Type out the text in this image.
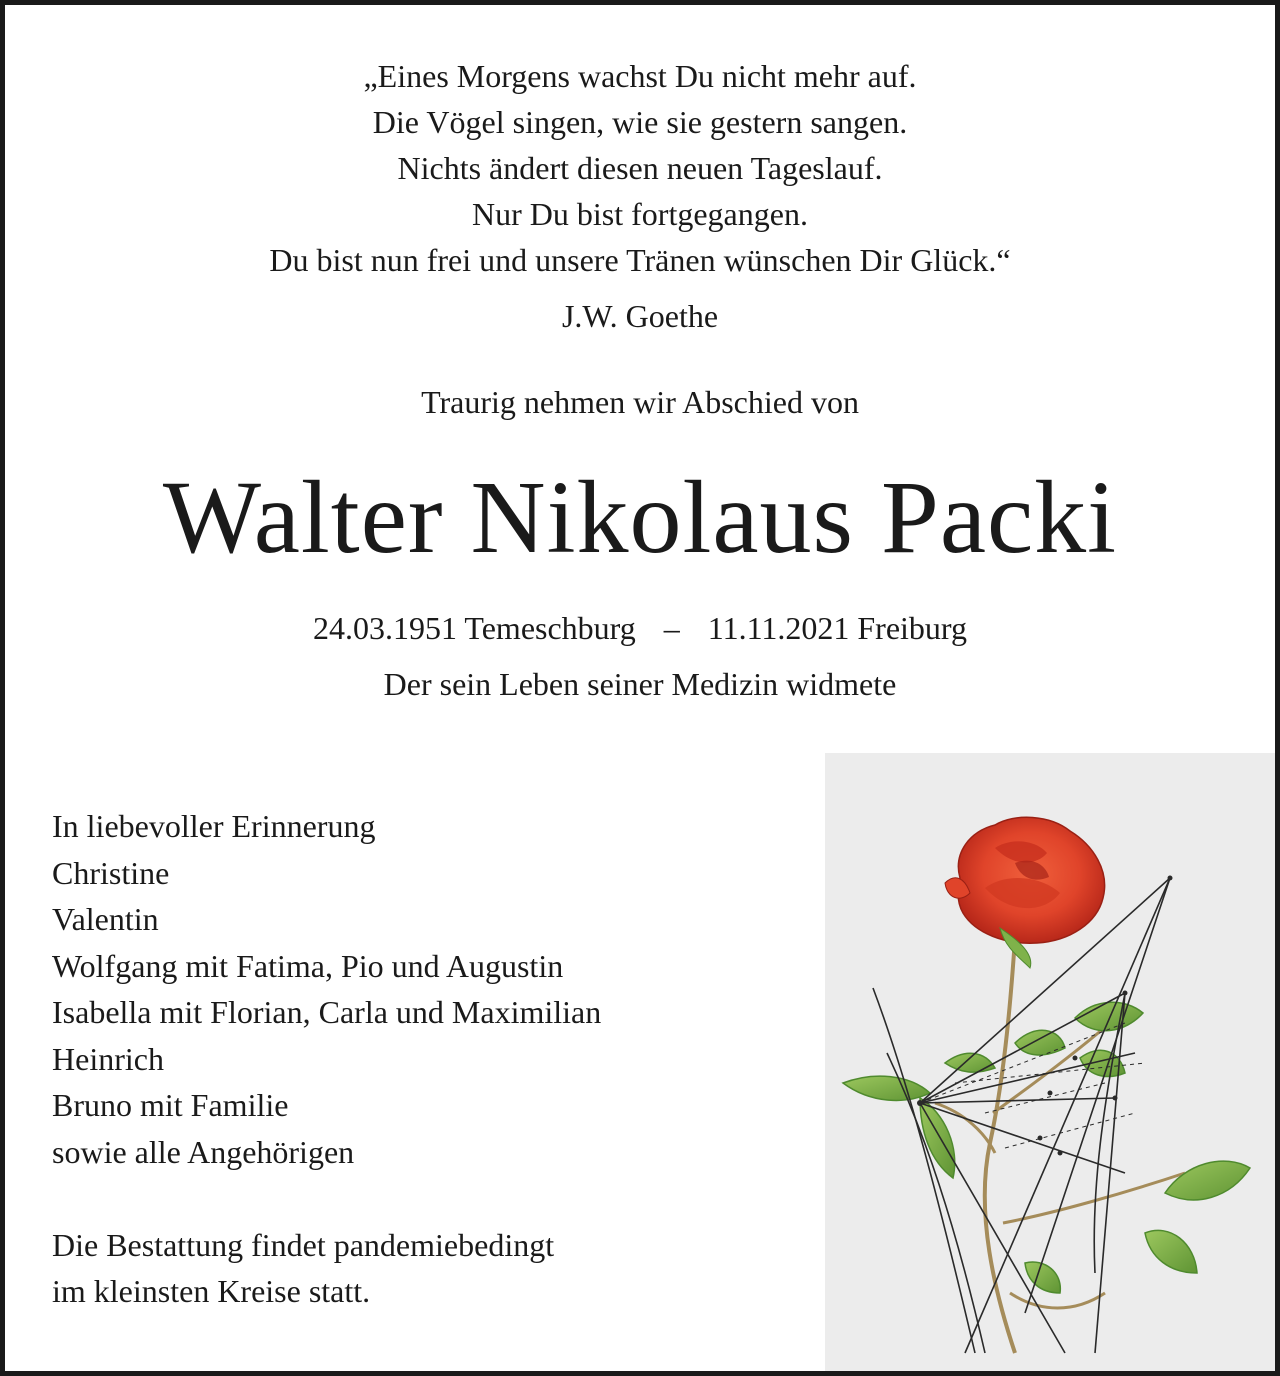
„Eines Morgens wachst Du nicht mehr auf.
Die Vögel singen, wie sie gestern sangen.
Nichts ändert diesen neuen Tageslauf.
Nur Du bist fortgegangen.
Du bist nun frei und unsere Tränen wünschen Dir Glück.“
J.W. Goethe
Traurig nehmen wir Abschied von
Walter Nikolaus Packi
24.03.1951 Temeschburg – 11.11.2021 Freiburg
Der sein Leben seiner Medizin widmete
In liebevoller Erinnerung
Christine
Valentin
Wolfgang mit Fatima, Pio und Augustin
Isabella mit Florian, Carla und Maximilian
Heinrich
Bruno mit Familie
sowie alle Angehörigen
Die Bestattung findet pandemiebedingt
im kleinsten Kreise statt.
